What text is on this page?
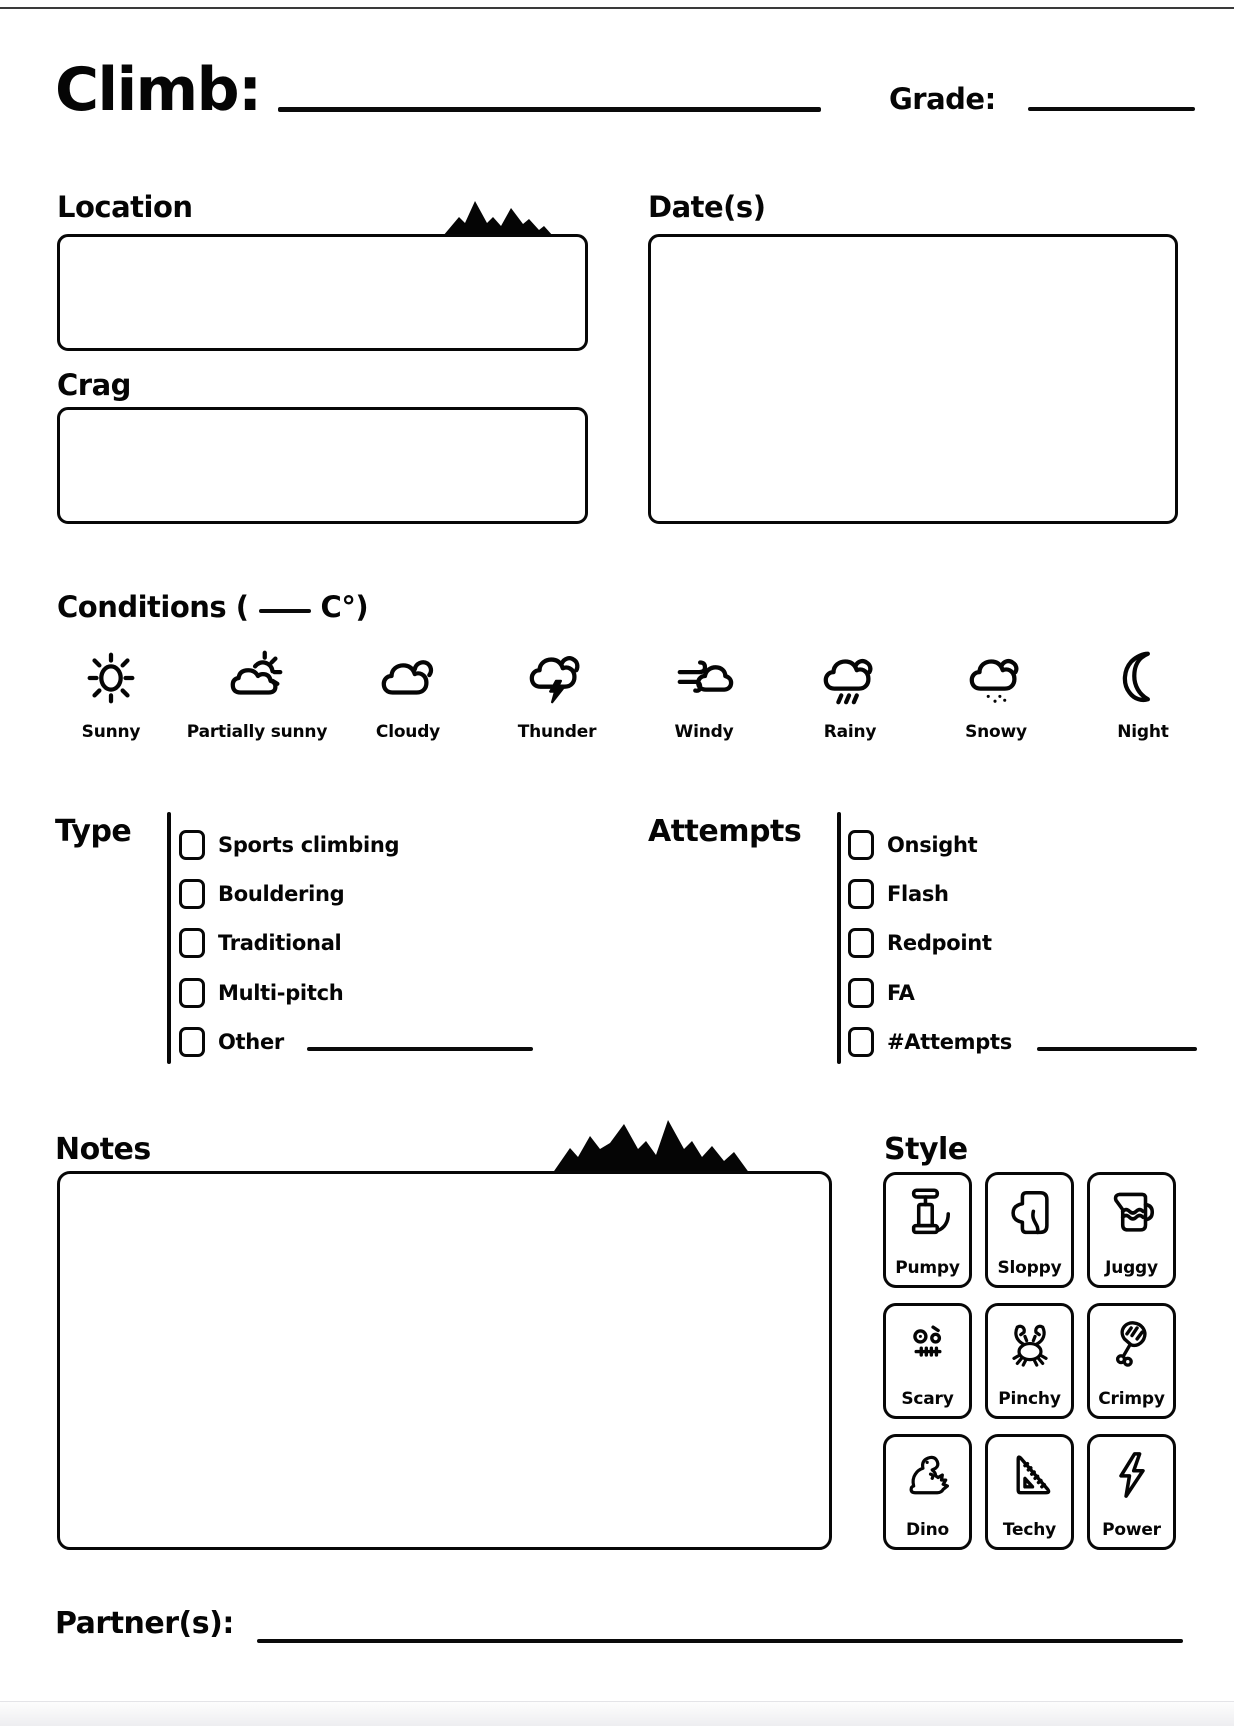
Climb:	Grade:
Location
Crag
Date(s)
Conditions ( C°)
Sunny	Partially sunny	Cloudy	Thunder	Windy	Rainy	Snowy	Night
Type	Sports climbing
Bouldering
Traditional
Multi-pitch
Other
Attempts	Onsight
Flash
Redpoint
FA
#Attempts
Notes	Style
Pumpy Sloppy	Juggy
Scary	Pinchy Crimpy
Dino	Techy	Power
Partner(s):
